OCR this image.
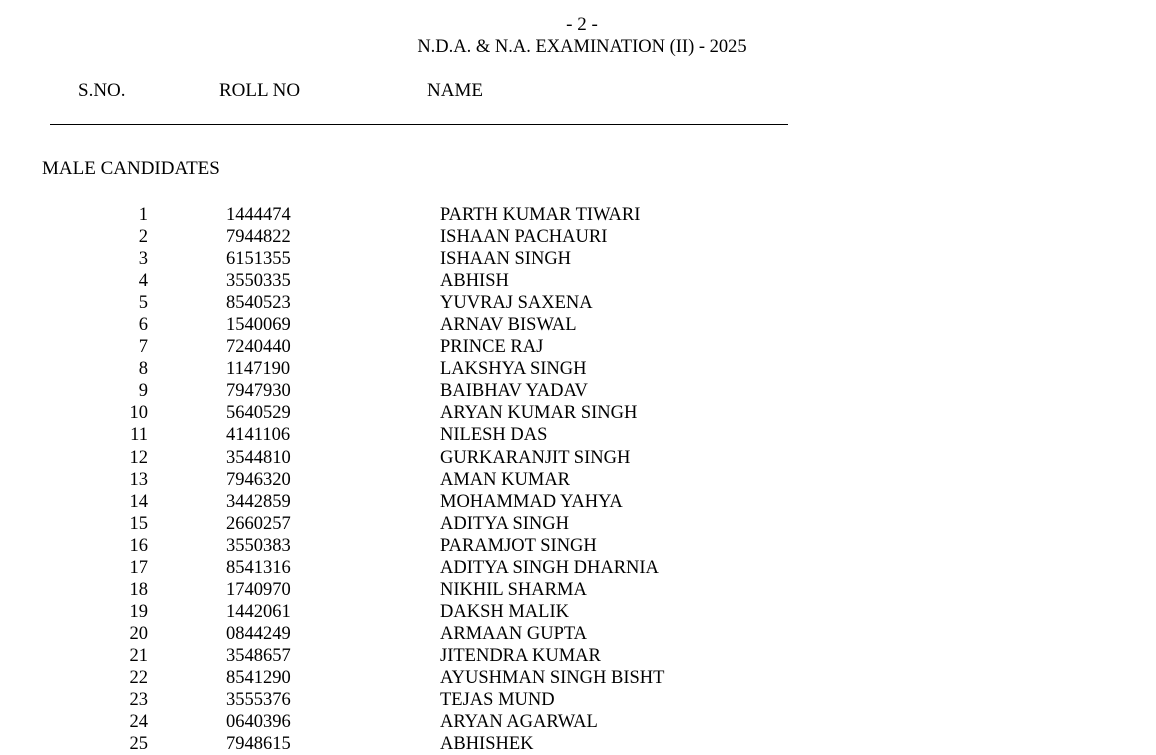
- 2 -
N.D.A. & N.A. EXAMINATION (II) - 2025
S.NO.	ROLL NO	NAME
MALE CANDIDATES
1	1444474	PARTH KUMAR TIWARI
2	7944822	ISHAAN PACHAURI
3	6151355	ISHAAN SINGH
4	3550335	ABHISH
5	8540523	YUVRAJ SAXENA
6	1540069	ARNAV BISWAL
7	7240440	PRINCE RAJ
8	1147190	LAKSHYA SINGH
9	7947930	BAIBHAV YADAV
10	5640529	ARYAN KUMAR SINGH
11	4141106	NILESH DAS
12	3544810	GURKARANJIT SINGH
13	7946320	AMAN KUMAR
14	3442859	MOHAMMAD YAHYA
15	2660257	ADITYA SINGH
16	3550383	PARAMJOT SINGH
17	8541316	ADITYA SINGH DHARNIA
18	1740970	NIKHIL SHARMA
19	1442061	DAKSH MALIK
20	0844249	ARMAAN GUPTA
21	3548657	JITENDRA KUMAR
22	8541290	AYUSHMAN SINGH BISHT
23	3555376	TEJAS MUND
24	0640396	ARYAN AGARWAL
25	7948615	ABHISHEK
